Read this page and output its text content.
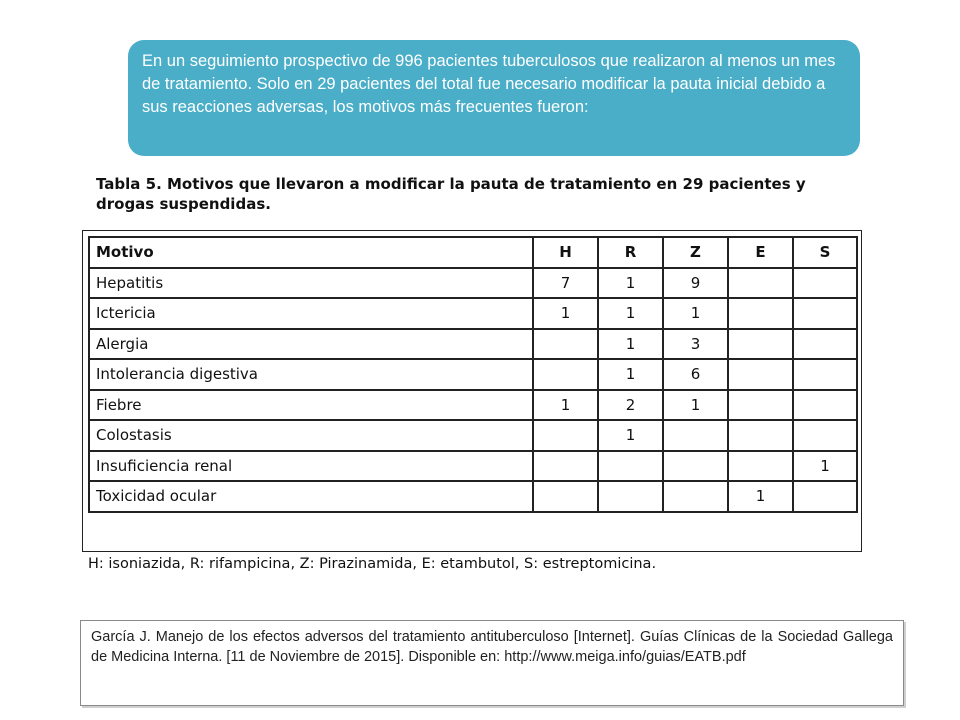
En un seguimiento prospectivo de 996 pacientes tuberculosos que realizaron al menos un mes de tratamiento. Solo en 29 pacientes del total fue necesario modificar la pauta inicial debido a sus reacciones adversas, los motivos más frecuentes fueron:
Tabla 5. Motivos que llevaron a modificar la pauta de tratamiento en 29 pacientes y drogas suspendidas.
Motivo	H	R	Z	E	S
Hepatitis	7	1	9		
Ictericia	1	1	1		
Alergia		1	3		
Intolerancia digestiva		1	6		
Fiebre	1	2	1		
Colostasis		1			
Insuficiencia renal					1
Toxicidad ocular				1	
H: isoniazida, R: rifampicina, Z: Pirazinamida, E: etambutol, S: estreptomicina.
García J. Manejo de los efectos adversos del tratamiento antituberculoso [Internet]. Guías Clínicas de la Sociedad Gallega de Medicina Interna. [11 de Noviembre de 2015]. Disponible en: http://www.meiga.info/guias/EATB.pdf
